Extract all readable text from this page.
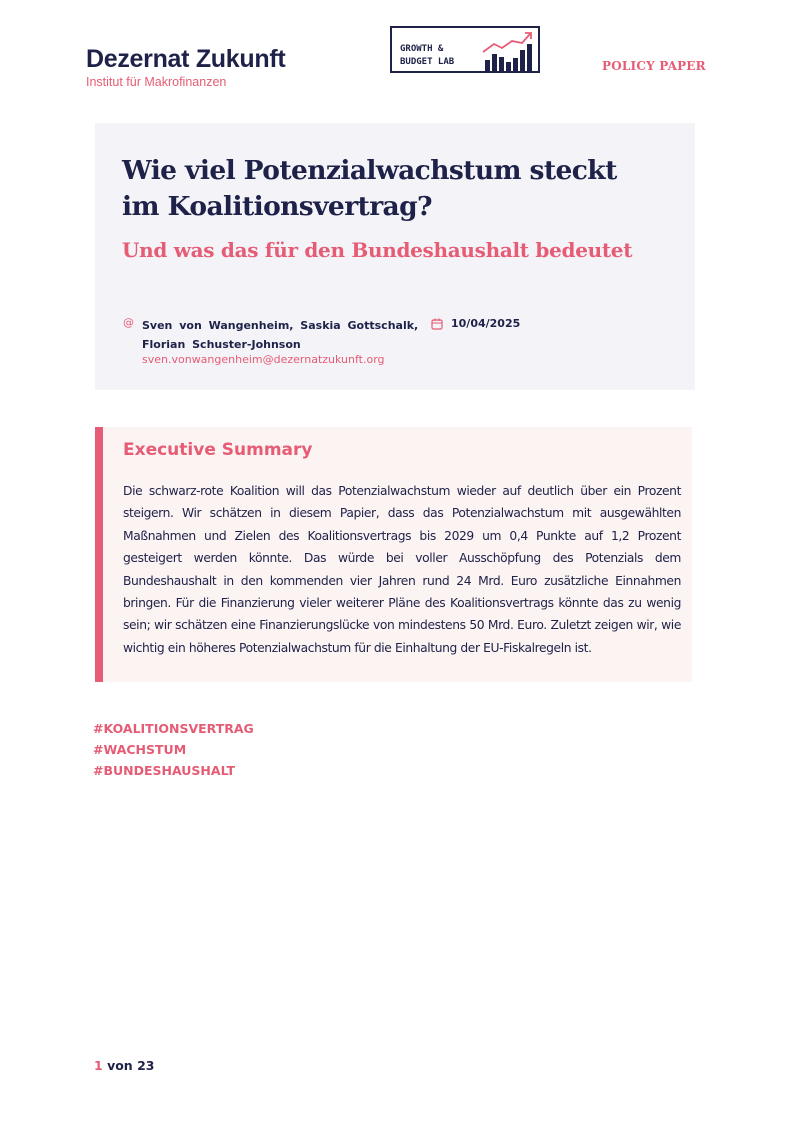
Dezernat Zukunft
Institut für Makrofinanzen
GROWTH &
BUDGET LAB	POLICY PAPER
Wie viel Potenzialwachstum steckt im Koalitionsvertrag?
Und was das für den Bundeshaushalt bedeutet
@ Sven von Wangenheim, Saskia Gottschalk, Florian Schuster-Johnson
sven.vonwangenheim@dezernatzukunft.org
10/04/2025
Executive Summary

Die schwarz-rote Koalition will das Potenzialwachstum wieder auf deutlich über ein Prozent steigern. Wir schätzen in diesem Papier, dass das Potenzialwachstum mit ausgewählten Maßnahmen und Zielen des Koalitionsvertrags bis 2029 um 0,4 Punkte auf 1,2 Prozent gesteigert werden könnte. Das würde bei voller Ausschöpfung des Potenzials dem Bundeshaushalt in den kommenden vier Jahren rund 24 Mrd. Euro zusätzliche Einnahmen bringen. Für die Finanzierung vieler weiterer Pläne des Koalitionsvertrags könnte das zu wenig sein; wir schätzen eine Finanzierungslücke von mindestens 50 Mrd. Euro. Zuletzt zeigen wir, wie wichtig ein höheres Potenzialwachstum für die Einhaltung der EU-Fiskalregeln ist.

#KOALITIONSVERTRAG
#WACHSTUM
#BUNDESHAUSHALT
1 von 23
